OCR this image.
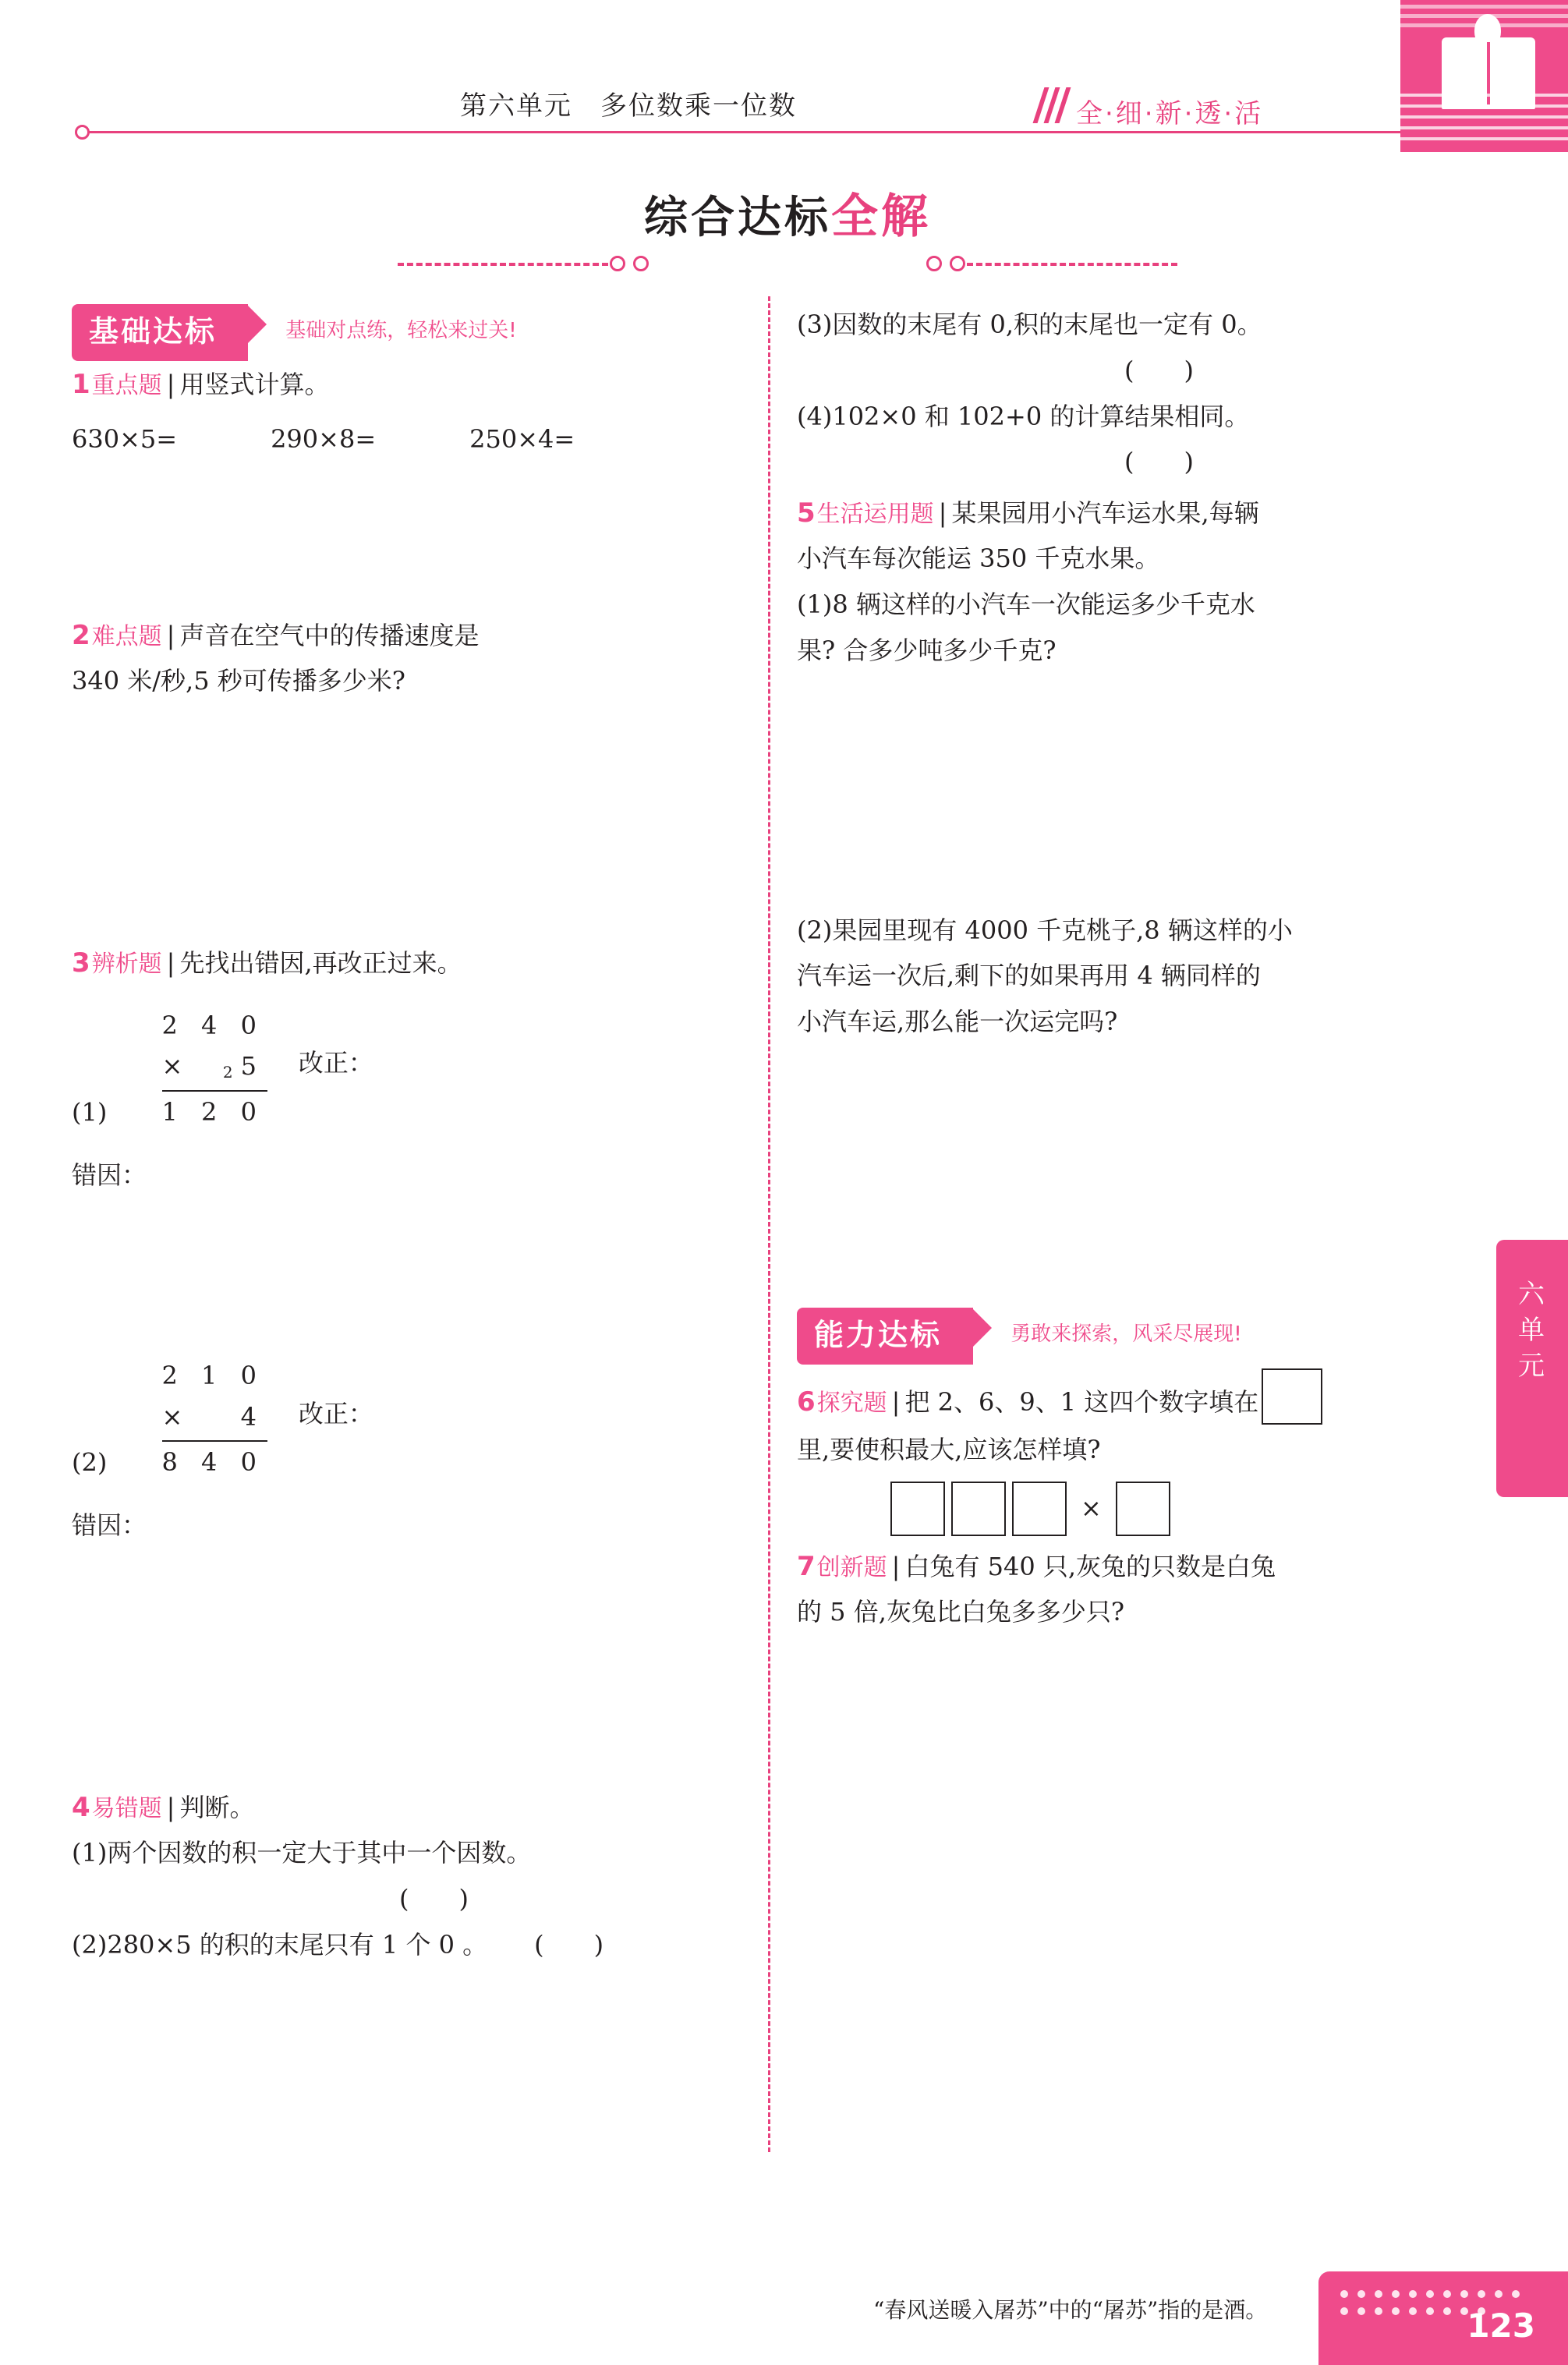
第六单元　多位数乘一位数	全·细·新·透·活
六
单
元
综合达标全解
基础达标	基础对点练，轻松来过关!
1重点题 | 用竖式计算。
630×5=	290×8=	250×4=
2难点题 | 声音在空气中的传播速度是
340 米/秒,5 秒可传播多少米?
3辨析题 | 先找出错因,再改正过来。
(1)
2 4 0
×	25
1 2 0
改正：
错因：
(2)
2 1 0
× 4
8 4 0
改正：
错因：
4易错题 | 判断。
(1)两个因数的积一定大于其中一个因数。
(　　)
(2)280×5 的积的末尾只有 1 个 0 。 (　　)
(3)因数的末尾有 0,积的末尾也一定有 0。
(　　)
(4)102×0 和 102+0 的计算结果相同。
(　　)
5生活运用题 | 某果园用小汽车运水果,每辆
小汽车每次能运 350 千克水果。
(1)8 辆这样的小汽车一次能运多少千克水
果? 合多少吨多少千克?
(2)果园里现有 4000 千克桃子,8 辆这样的小
汽车运一次后,剩下的如果再用 4 辆同样的
小汽车运,那么能一次运完吗?
能力达标	勇敢来探索，风采尽展现!
6探究题 | 把 2、6、9、1 这四个数字填在
里,要使积最大,应该怎样填?
×
7创新题 | 白兔有 540 只,灰兔的只数是白兔
的 5 倍,灰兔比白兔多多少只?
“春风送暖入屠苏”中的“屠苏”指的是酒。	123
